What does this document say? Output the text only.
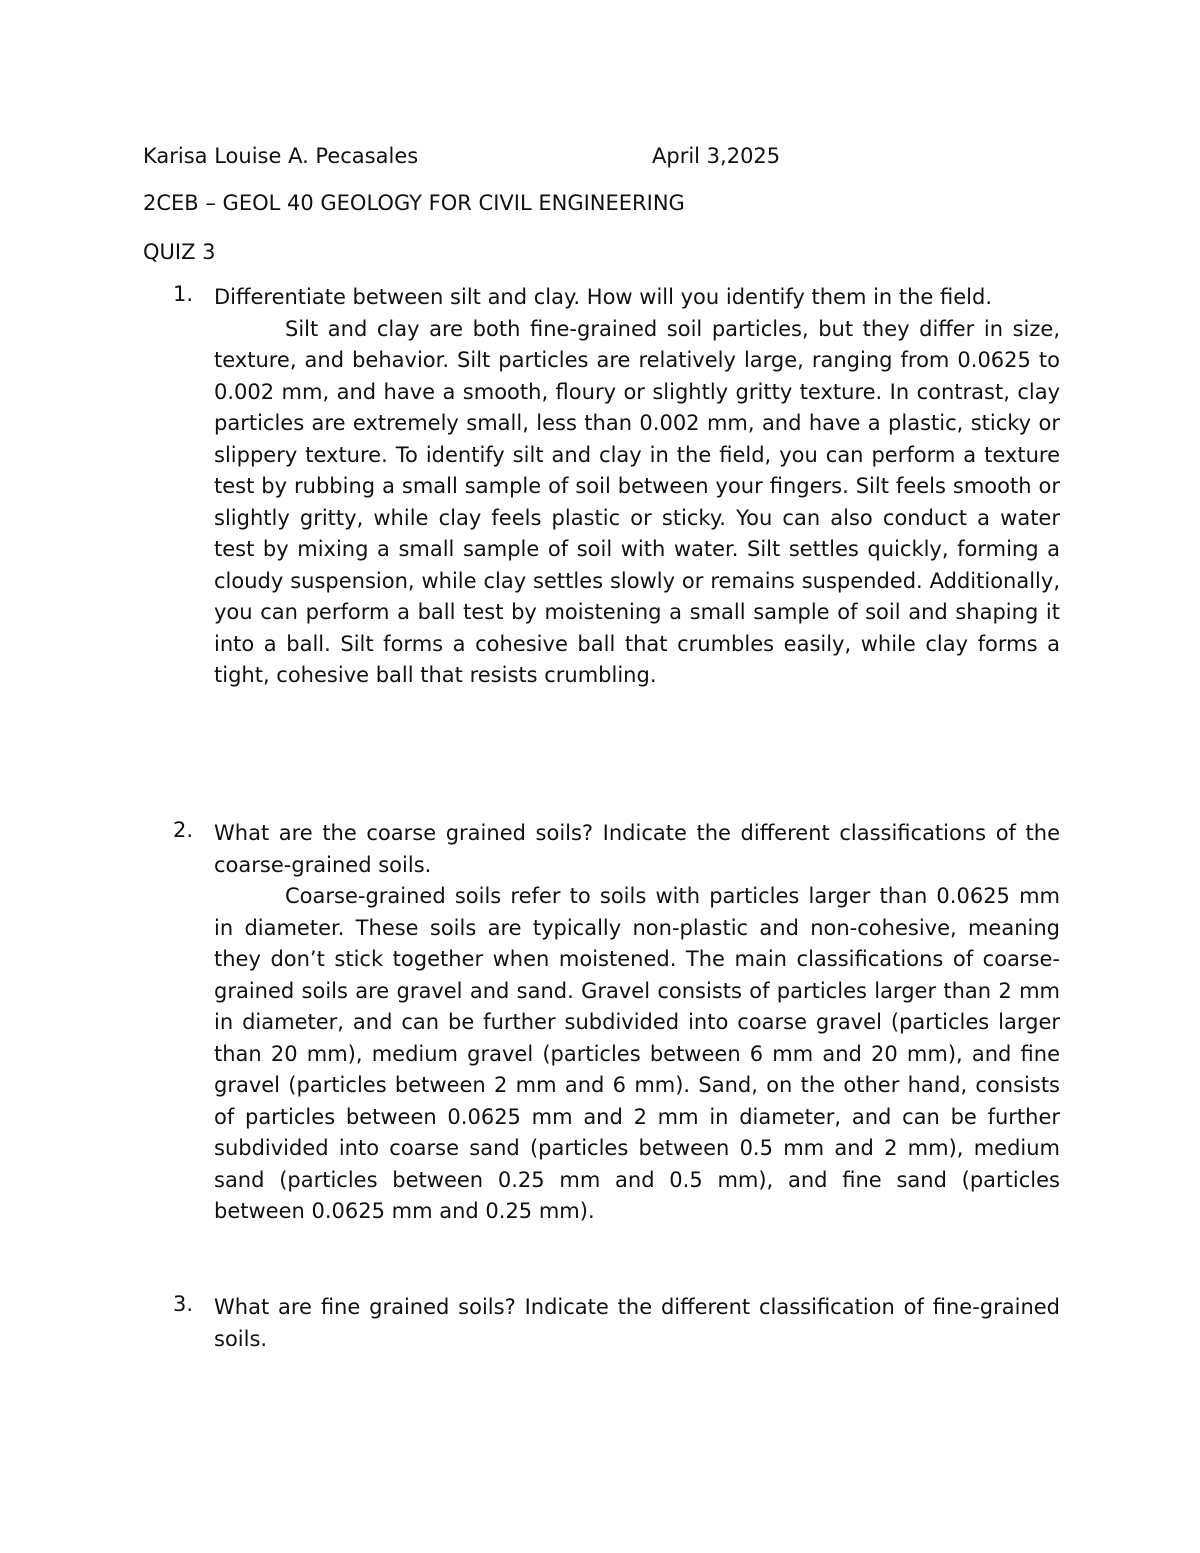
Karisa Louise A. Pecasales	April 3,2025
2CEB – GEOL 40 GEOLOGY FOR CIVIL ENGINEERING
QUIZ 3
1. Differentiate between silt and clay. How will you identify them in the field.
Silt and clay are both fine-grained soil particles, but they differ in size, texture, and behavior. Silt particles are relatively large, ranging from 0.0625 to 0.002 mm, and have a smooth, floury or slightly gritty texture. In contrast, clay particles are extremely small, less than 0.002 mm, and have a plastic, sticky or slippery texture. To identify silt and clay in the field, you can perform a texture test by rubbing a small sample of soil between your fingers. Silt feels smooth or slightly gritty, while clay feels plastic or sticky. You can also conduct a water test by mixing a small sample of soil with water. Silt settles quickly, forming a cloudy suspension, while clay settles slowly or remains suspended. Additionally, you can perform a ball test by moistening a small sample of soil and shaping it into a ball. Silt forms a cohesive ball that crumbles easily, while clay forms a tight, cohesive ball that resists crumbling.
2. What are the coarse grained soils? Indicate the different classifications of the coarse-grained soils.
Coarse-grained soils refer to soils with particles larger than 0.0625 mm in diameter. These soils are typically non-plastic and non-cohesive, meaning they don’t stick together when moistened. The main classifications of coarse-grained soils are gravel and sand. Gravel consists of particles larger than 2 mm in diameter, and can be further subdivided into coarse gravel (particles larger than 20 mm), medium gravel (particles between 6 mm and 20 mm), and fine gravel (particles between 2 mm and 6 mm). Sand, on the other hand, consists of particles between 0.0625 mm and 2 mm in diameter, and can be further subdivided into coarse sand (particles between 0.5 mm and 2 mm), medium sand (particles between 0.25 mm and 0.5 mm), and fine sand (particles between 0.0625 mm and 0.25 mm).
3. What are fine grained soils? Indicate the different classification of fine-grained soils.
